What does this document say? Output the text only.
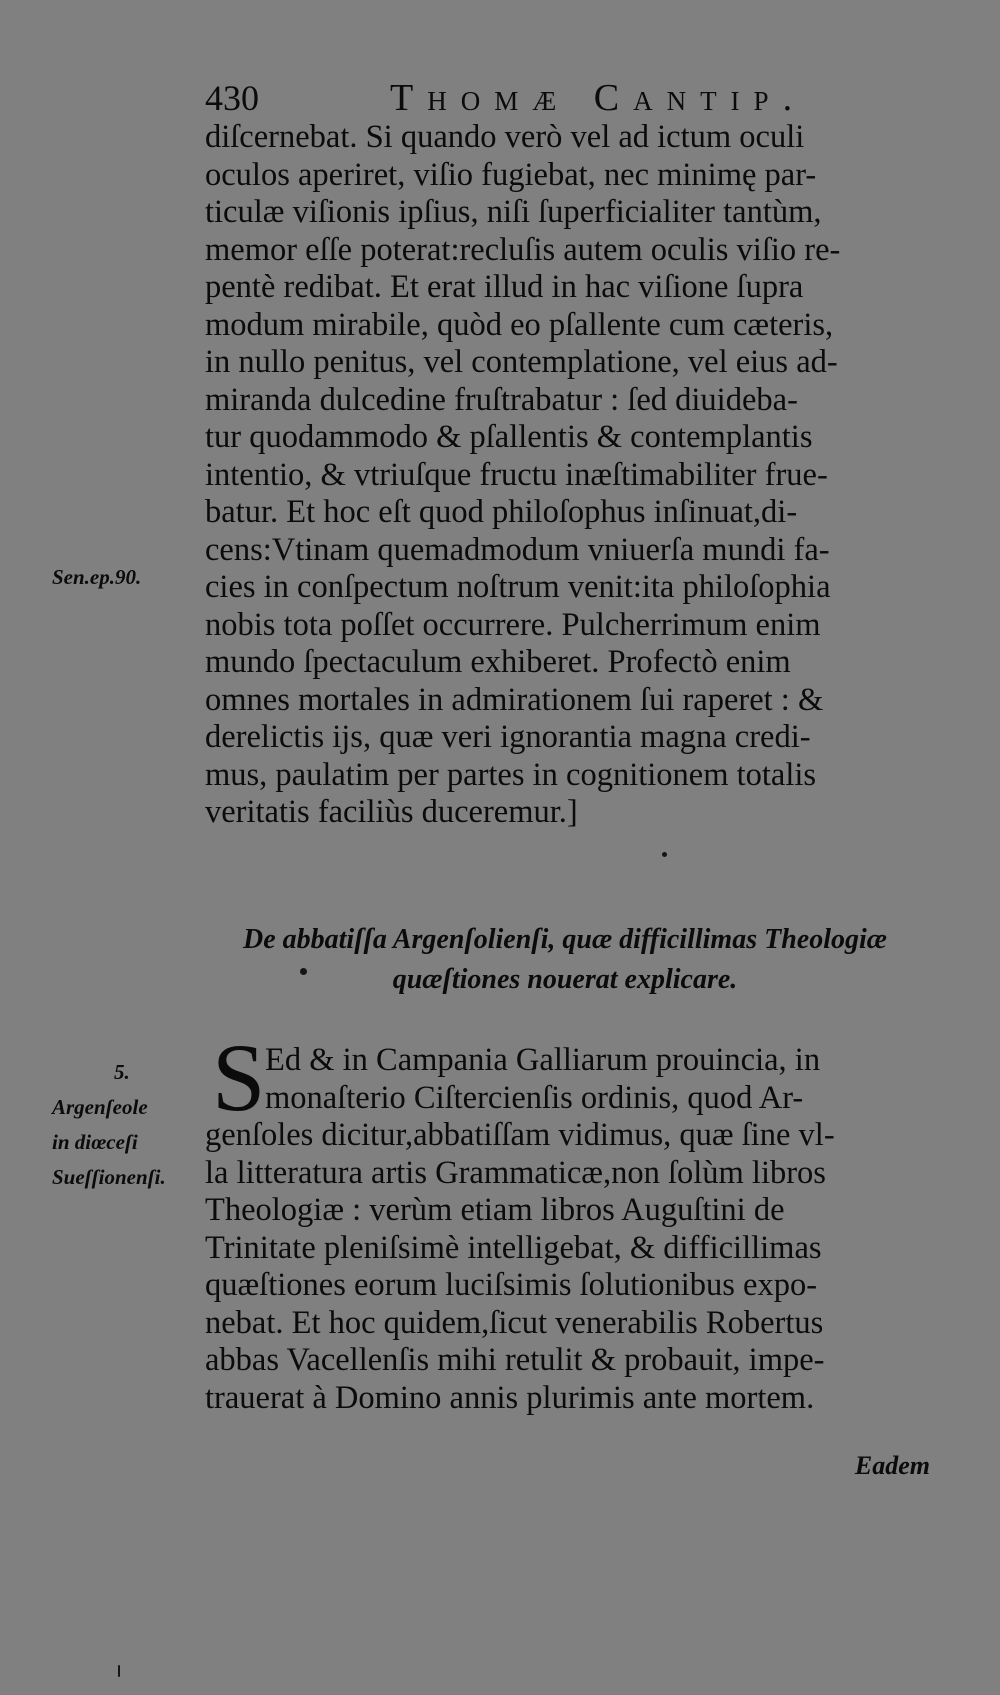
430	Thomæ Cantip.
Sen.ep.90.
diſcernebat. Si quando verò vel ad ictum oculi
oculos aperiret, viſio fugiebat, nec minimę par-
ticulæ viſionis ipſius, niſi ſuperficialiter tantùm,
memor eſſe poterat:recluſis autem oculis viſio re-
pentè redibat. Et erat illud in hac viſione ſupra
modum mirabile, quòd eo pſallente cum cæteris,
in nullo penitus, vel contemplatione, vel eius ad-
miranda dulcedine fruſtrabatur : ſed diuideba-
tur quodammodo & pſallentis & contemplantis
intentio, & vtriuſque fructu inæſtimabiliter frue-
batur. Et hoc eſt quod philoſophus inſinuat,di-
cens:Vtinam quemadmodum vniuerſa mundi fa-
cies in conſpectum noſtrum venit:ita philoſophia
nobis tota poſſet occurrere. Pulcherrimum enim
mundo ſpectaculum exhiberet. Profectò enim
omnes mortales in admirationem ſui raperet : &
derelictis ijs, quæ veri ignorantia magna credi-
mus, paulatim per partes in cognitionem totalis
veritatis faciliùs duceremur.]
De abbatiſſa Argenſolienſi, quæ difficillimas Theologiæ
quæſtiones nouerat explicare.
5.
Argenſeole
in diœceſi
Sueſſionenſi.
S Ed & in Campania Galliarum prouincia, in
monaſterio Ciſtercienſis ordinis, quod Ar-
genſoles dicitur,abbatiſſam vidimus, quæ ſine vl-
la litteratura artis Grammaticæ,non ſolùm libros
Theologiæ : verùm etiam libros Auguſtini de
Trinitate pleniſsimè intelligebat, & difficillimas
quæſtiones eorum luciſsimis ſolutionibus expo-
nebat. Et hoc quidem,ſicut venerabilis Robertus
abbas Vacellenſis mihi retulit & probauit, impe-
trauerat à Domino annis plurimis ante mortem.
Eadem
